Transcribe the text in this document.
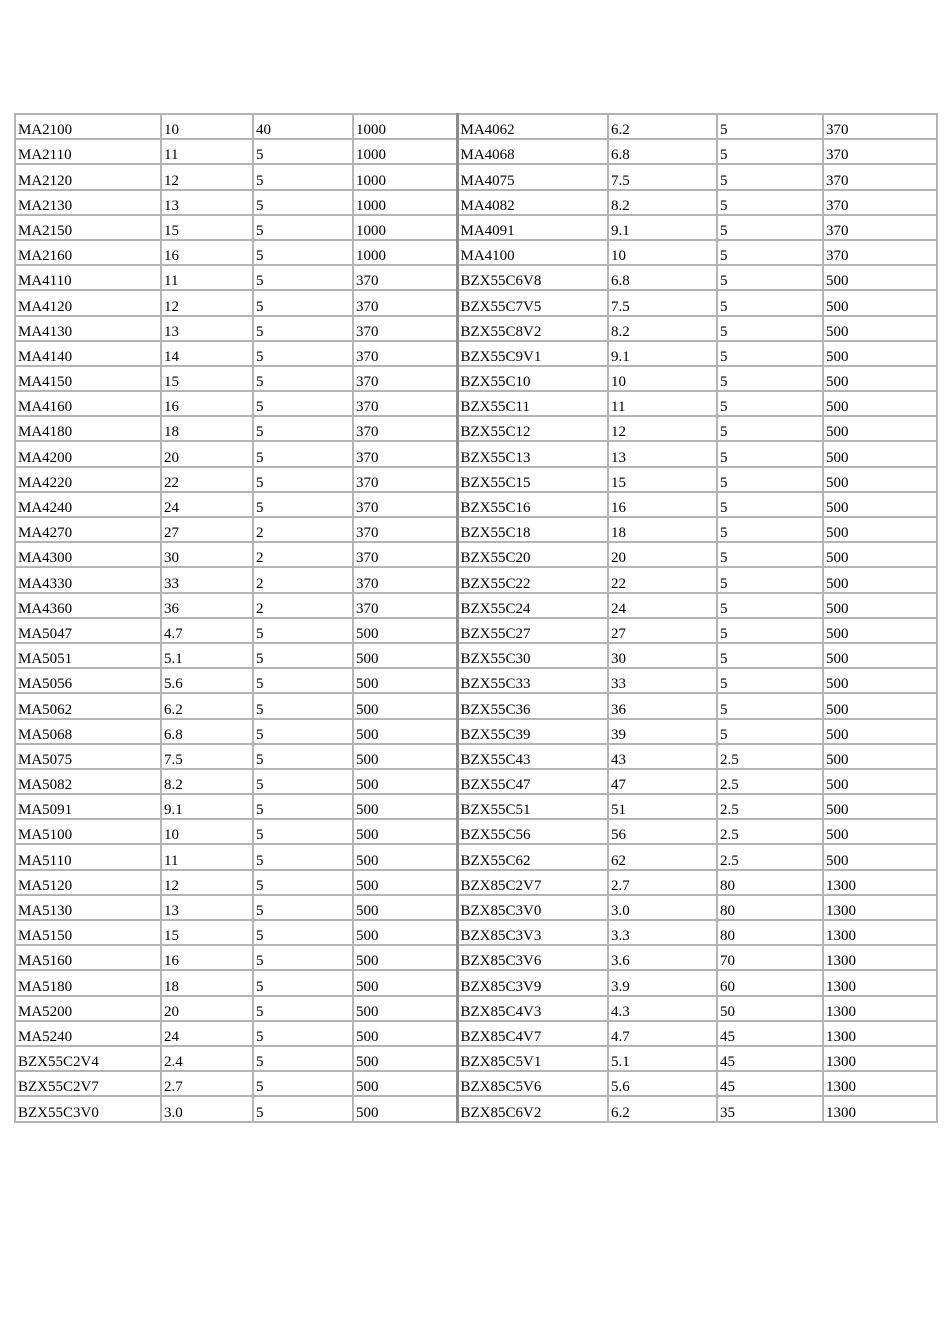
MA2100	10	40	1000	MA4062	6.2	5	370
MA2110	11	5	1000	MA4068	6.8	5	370
MA2120	12	5	1000	MA4075	7.5	5	370
MA2130	13	5	1000	MA4082	8.2	5	370
MA2150	15	5	1000	MA4091	9.1	5	370
MA2160	16	5	1000	MA4100	10	5	370
MA4110	11	5	370	BZX55C6V8	6.8	5	500
MA4120	12	5	370	BZX55C7V5	7.5	5	500
MA4130	13	5	370	BZX55C8V2	8.2	5	500
MA4140	14	5	370	BZX55C9V1	9.1	5	500
MA4150	15	5	370	BZX55C10	10	5	500
MA4160	16	5	370	BZX55C11	11	5	500
MA4180	18	5	370	BZX55C12	12	5	500
MA4200	20	5	370	BZX55C13	13	5	500
MA4220	22	5	370	BZX55C15	15	5	500
MA4240	24	5	370	BZX55C16	16	5	500
MA4270	27	2	370	BZX55C18	18	5	500
MA4300	30	2	370	BZX55C20	20	5	500
MA4330	33	2	370	BZX55C22	22	5	500
MA4360	36	2	370	BZX55C24	24	5	500
MA5047	4.7	5	500	BZX55C27	27	5	500
MA5051	5.1	5	500	BZX55C30	30	5	500
MA5056	5.6	5	500	BZX55C33	33	5	500
MA5062	6.2	5	500	BZX55C36	36	5	500
MA5068	6.8	5	500	BZX55C39	39	5	500
MA5075	7.5	5	500	BZX55C43	43	2.5	500
MA5082	8.2	5	500	BZX55C47	47	2.5	500
MA5091	9.1	5	500	BZX55C51	51	2.5	500
MA5100	10	5	500	BZX55C56	56	2.5	500
MA5110	11	5	500	BZX55C62	62	2.5	500
MA5120	12	5	500	BZX85C2V7	2.7	80	1300
MA5130	13	5	500	BZX85C3V0	3.0	80	1300
MA5150	15	5	500	BZX85C3V3	3.3	80	1300
MA5160	16	5	500	BZX85C3V6	3.6	70	1300
MA5180	18	5	500	BZX85C3V9	3.9	60	1300
MA5200	20	5	500	BZX85C4V3	4.3	50	1300
MA5240	24	5	500	BZX85C4V7	4.7	45	1300
BZX55C2V4	2.4	5	500	BZX85C5V1	5.1	45	1300
BZX55C2V7	2.7	5	500	BZX85C5V6	5.6	45	1300
BZX55C3V0	3.0	5	500	BZX85C6V2	6.2	35	1300
